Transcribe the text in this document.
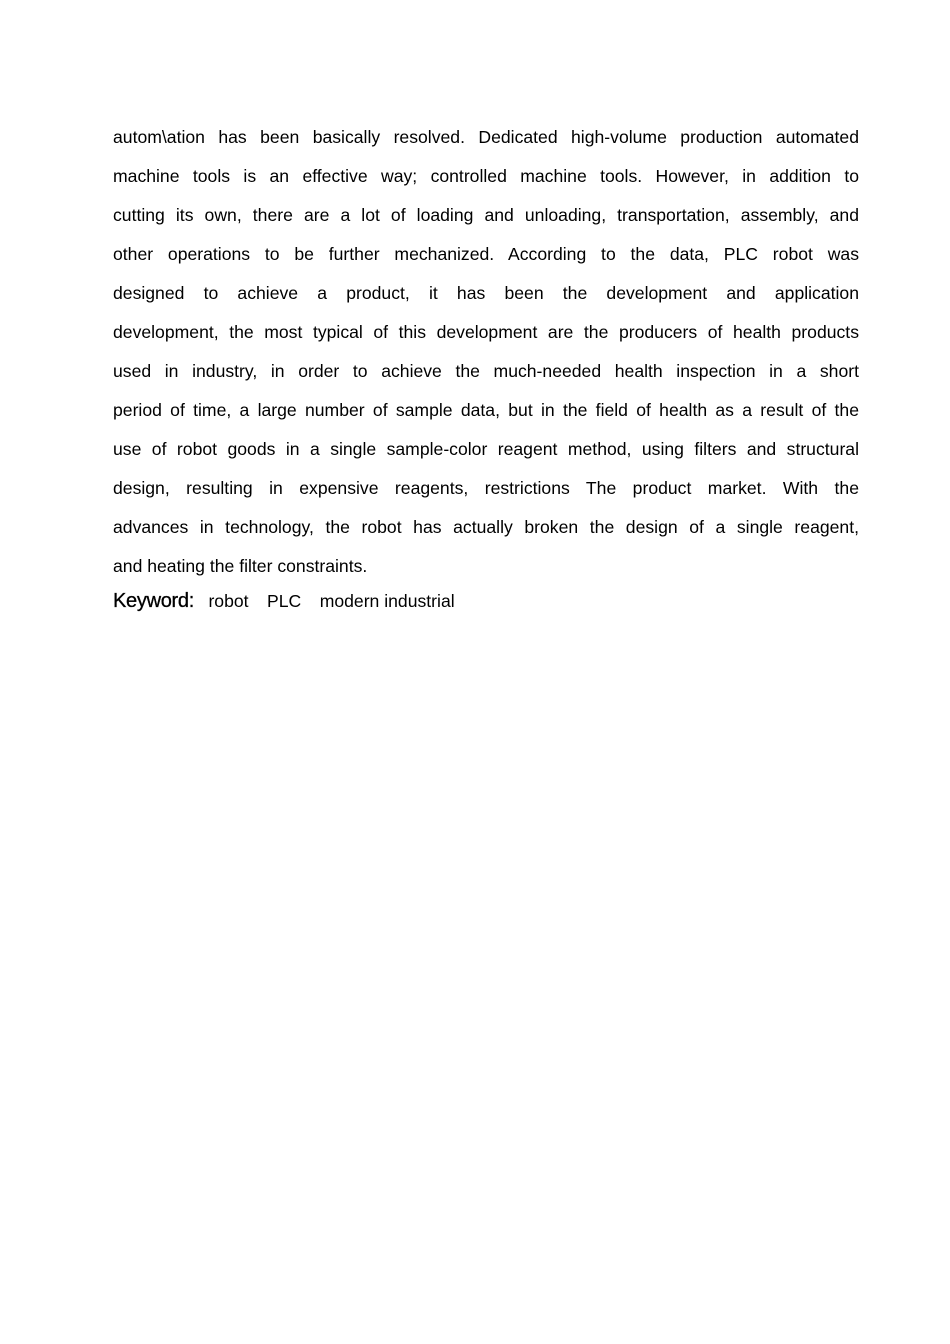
autom\ation has been basically resolved. Dedicated high-volume production automated
machine tools is an effective way; controlled machine tools. However, in addition to
cutting its own, there are a lot of loading and unloading, transportation, assembly, and
other operations to be further mechanized. According to the data, PLC robot was
designed to achieve a product, it has been the development and application
development, the most typical of this development are the producers of health products
used in industry, in order to achieve the much-needed health inspection in a short
period of time, a large number of sample data, but in the field of health as a result of the
use of robot goods in a single sample-color reagent method, using filters and structural
design, resulting in expensive reagents, restrictions The product market. With the
advances in technology, the robot has actually broken the design of a single reagent,
and heating the filter constraints.
Keyword: robot PLC modern industrial
